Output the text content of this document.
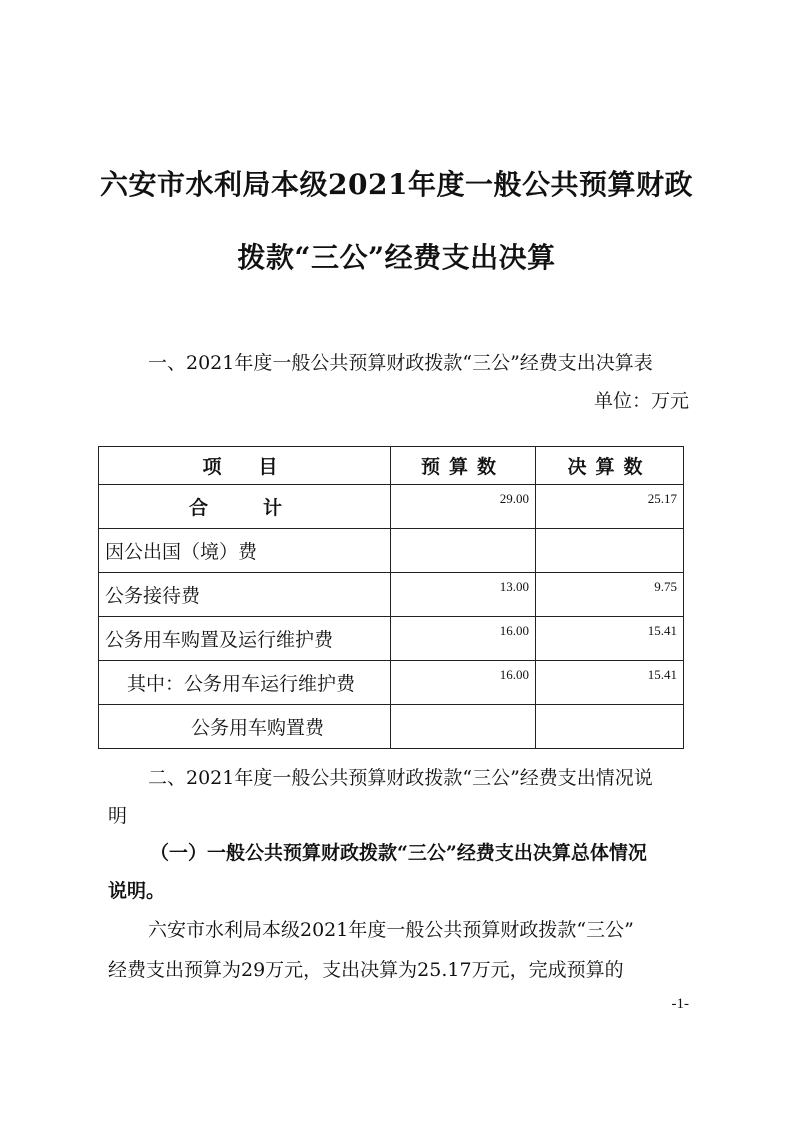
六安市水利局本级2021年度一般公共预算财政
拨款“三公”经费支出决算
一、2021年度一般公共预算财政拨款“三公”经费支出决算表
单位：万元
项　目	预算数	决算数
合　计	29.00	25.17
因公出国（境）费		
公务接待费	13.00	9.75
公务用车购置及运行维护费	16.00	15.41
其中：公务用车运行维护费	16.00	15.41
公务用车购置费		
二、2021年度一般公共预算财政拨款“三公”经费支出情况说
明
（一）一般公共预算财政拨款“三公”经费支出决算总体情况
说明。
六安市水利局本级2021年度一般公共预算财政拨款“三公”
经费支出预算为29万元，支出决算为25.17万元，完成预算的
-1-
